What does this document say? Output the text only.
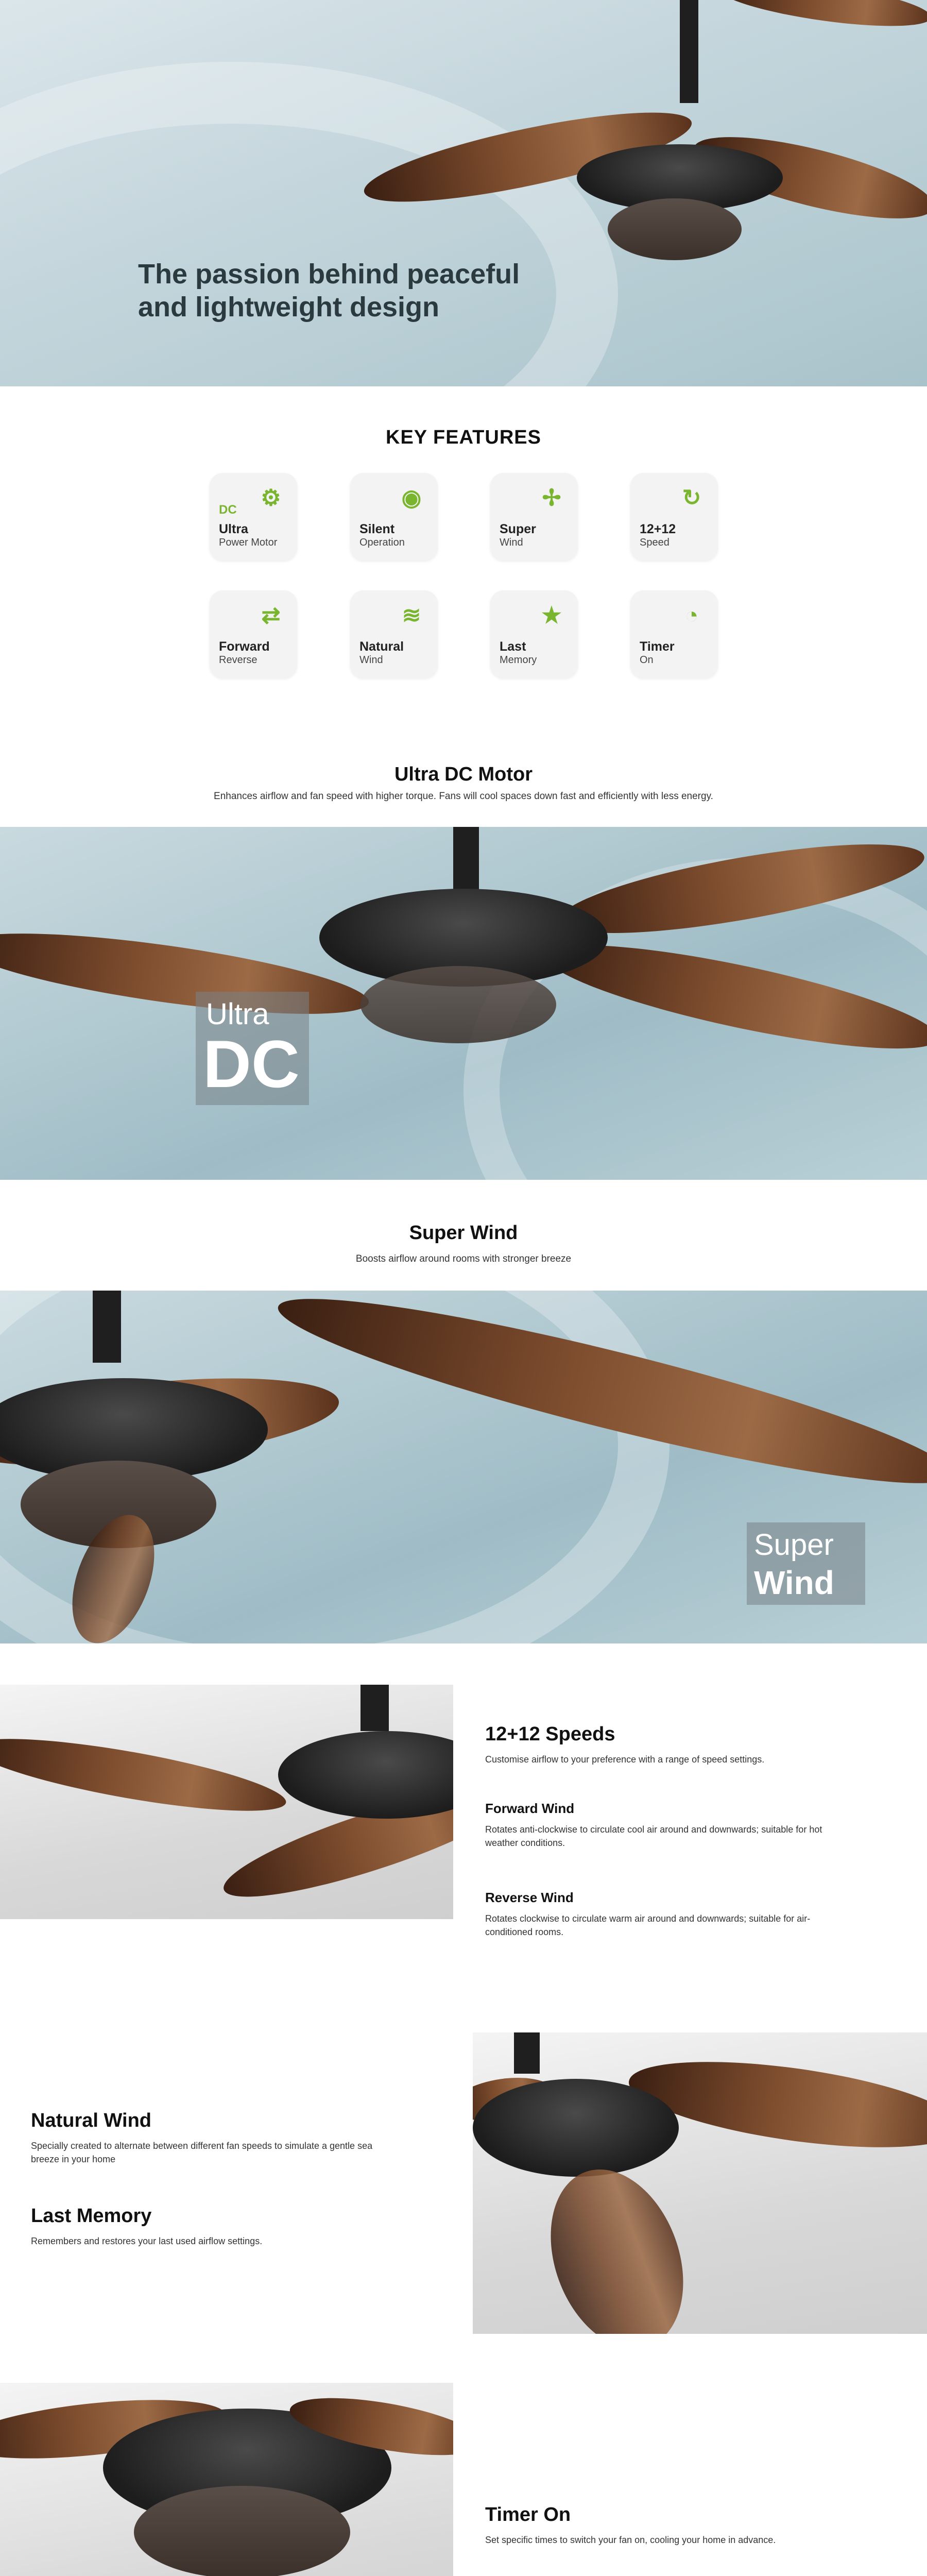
The passion behind peaceful
and lightweight design
KEY FEATURES
⚙
DC
Ultra
Power Motor
◉
Silent
Operation
✢
Super
Wind
↻
12+12
Speed
⇄
Forward
Reverse
≋
Natural
Wind
★
Last
Memory
◔
Timer
On
Ultra DC Motor
Enhances airflow and fan speed with higher torque. Fans will cool spaces down fast and efficiently with less energy.
Ultra
DC
Super Wind
Boosts airflow around rooms with stronger breeze
Super
Wind
12+12 Speeds
Customise airflow to your preference with a range of speed settings.
Forward Wind
Rotates anti-clockwise to circulate cool air around and downwards; suitable for hot
weather conditions.
Reverse Wind
Rotates clockwise to circulate warm air around and downwards; suitable for air-
conditioned rooms.
Natural Wind
Specially created to alternate between different fan speeds to simulate a gentle sea
breeze in your home
Last Memory
Remembers and restores your last used airflow settings.
Timer On
Set specific times to switch your fan on, cooling your home in advance.
